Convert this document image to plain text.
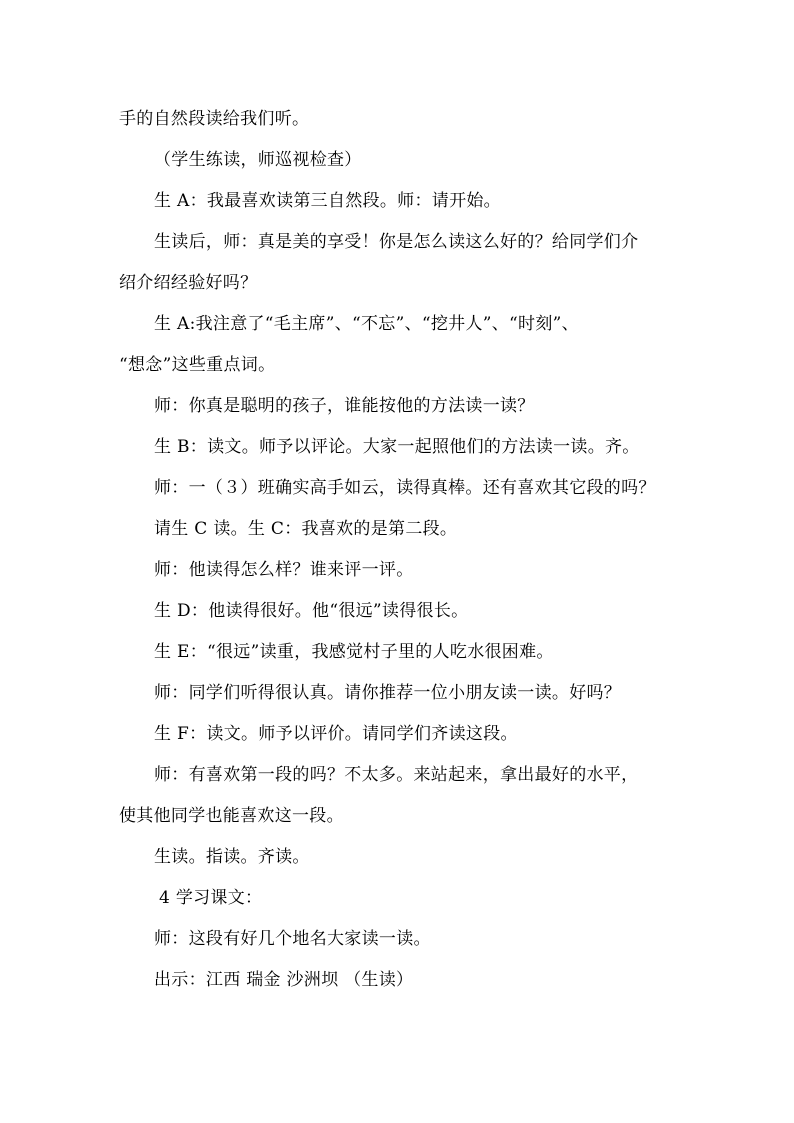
手的自然段读给我们听。
（学生练读，师巡视检查）
生 A：我最喜欢读第三自然段。师：请开始。
生读后，师：真是美的享受！你是怎么读这么好的？给同学们介
绍介绍经验好吗？
生 A:我注意了“毛主席”、“不忘”、“挖井人”、“时刻”、
“想念”这些重点词。
师：你真是聪明的孩子，谁能按他的方法读一读？
生 B：读文。师予以评论。大家一起照他们的方法读一读。齐。
师：一（３）班确实高手如云，读得真棒。还有喜欢其它段的吗？
请生 C 读。生 C：我喜欢的是第二段。
师：他读得怎么样？谁来评一评。
生 D：他读得很好。他“很远”读得很长。
生 E：“很远”读重，我感觉村子里的人吃水很困难。
师：同学们听得很认真。请你推荐一位小朋友读一读。好吗？
生 F：读文。师予以评价。请同学们齐读这段。
师：有喜欢第一段的吗？不太多。来站起来，拿出最好的水平，
使其他同学也能喜欢这一段。
生读。指读。齐读。
4 学习课文：
师：这段有好几个地名大家读一读。
出示：江西 瑞金 沙洲坝 （生读）
